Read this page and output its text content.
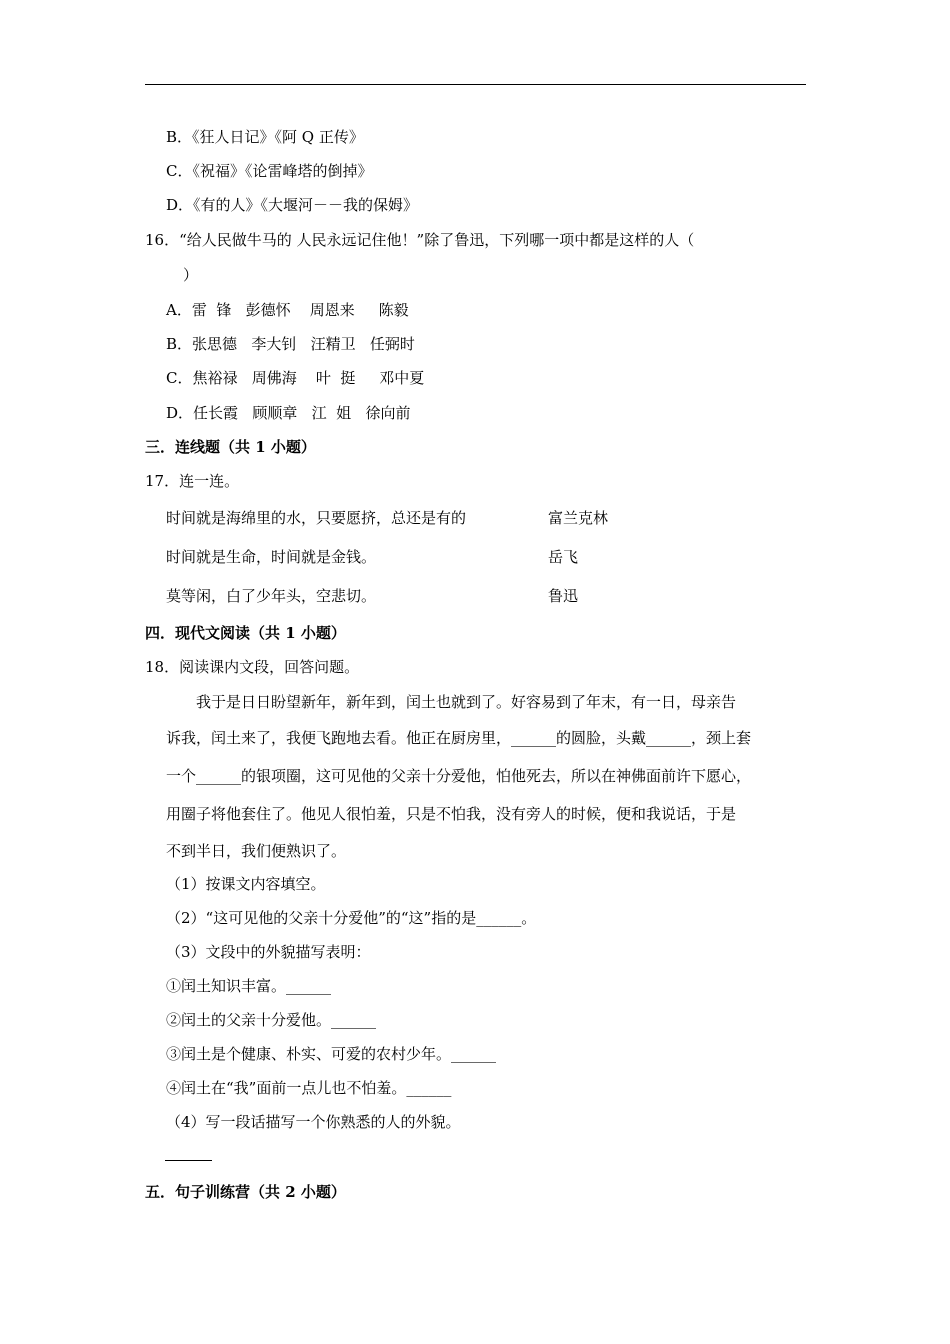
B．《狂人日记》《阿 Q 正传》
C．《祝福》《论雷峰塔的倒掉》
D．《有的人》《大堰河－－我的保姆》
16．“给人民做牛马的 人民永远记住他！”除了鲁迅，下列哪一项中都是这样的人（
）
A．雷  锋   彭德怀    周恩来     陈毅
B．张思德   李大钊   汪精卫   任弼时
C．焦裕禄   周佛海    叶  挺     邓中夏
D．任长霞   顾顺章   江  姐   徐向前
三．连线题（共 1 小题）
17．连一连。
时间就是海绵里的水，只要愿挤，总还是有的	富兰克林
时间就是生命，时间就是金钱。	岳飞
莫等闲，白了少年头，空悲切。	鲁迅
四．现代文阅读（共 1 小题）
18．阅读课内文段，回答问题。
我于是日日盼望新年，新年到，闰土也就到了。好容易到了年末，有一日，母亲告
诉我，闰土来了，我便飞跑地去看。他正在厨房里，______的圆脸，头戴______，颈上套
一个______的银项圈，这可见他的父亲十分爱他，怕他死去，所以在神佛面前许下愿心，
用圈子将他套住了。他见人很怕羞，只是不怕我，没有旁人的时候，便和我说话，于是
不到半日，我们便熟识了。
（1）按课文内容填空。
（2）“这可见他的父亲十分爱他”的“这”指的是______。
（3）文段中的外貌描写表明：
①闰土知识丰富。______
②闰土的父亲十分爱他。______
③闰土是个健康、朴实、可爱的农村少年。______
④闰土在“我”面前一点儿也不怕羞。______
（4）写一段话描写一个你熟悉的人的外貌。
五．句子训练营（共 2 小题）
